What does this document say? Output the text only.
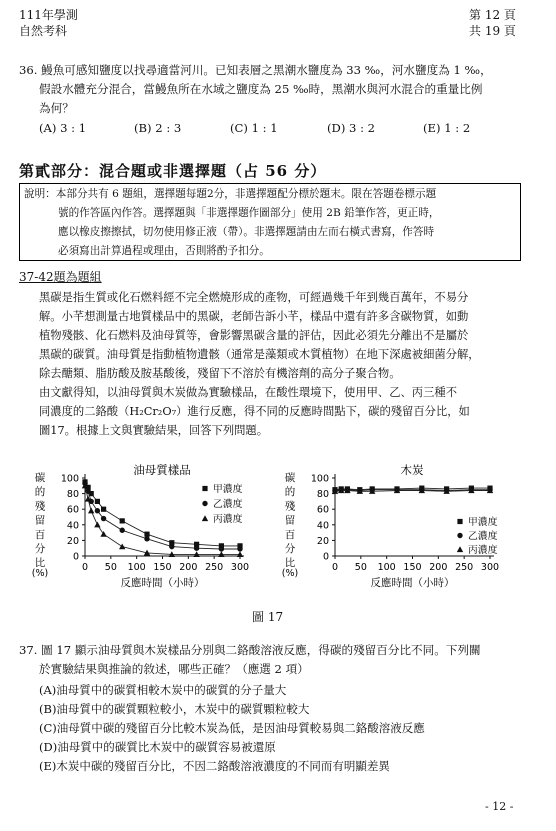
111年學測
自然考科
第 12 頁
共 19 頁
36. 鰻魚可感知鹽度以找尋適當河川。已知表層之黑潮水鹽度為 33 ‰，河水鹽度為 1 ‰，
假設水體充分混合，當鰻魚所在水域之鹽度為 25 ‰時，黑潮水與河水混合的重量比例
為何？
(A) 3 : 1	(B) 2 : 3	(C) 1 : 1	(D) 3 : 2	(E) 1 : 2
第貳部分：混合題或非選擇題（占 56 分）
說明：本部分共有 6 題組，選擇題每題2分，非選擇題配分標於題末。限在答題卷標示題
號的作答區內作答。選擇題與「非選擇題作圖部分」使用 2B 鉛筆作答，更正時，
應以橡皮擦擦拭，切勿使用修正液（帶）。非選擇題請由左而右橫式書寫，作答時
必須寫出計算過程或理由，否則將酌予扣分。
37-42題為題組
黑碳是指生質或化石燃料經不完全燃燒形成的產物，可經過幾千年到幾百萬年，不易分
解。小芊想測量古地質樣品中的黑碳，老師告訴小芊，樣品中還有許多含碳物質，如動
植物殘骸、化石燃料及油母質等，會影響黑碳含量的評估，因此必須先分離出不是屬於
黑碳的碳質。油母質是指動植物遺骸（通常是藻類或木質植物）在地下深處被細菌分解，
除去醣類、脂肪酸及胺基酸後，殘留下不溶於有機溶劑的高分子聚合物。
由文獻得知，以油母質與木炭做為實驗樣品，在酸性環境下，使用甲、乙、丙三種不
同濃度的二鉻酸（H₂Cr₂O₇）進行反應，得不同的反應時間點下，碳的殘留百分比，如
圖17。根據上文與實驗結果，回答下列問題。
油母質樣品
碳
的
殘
留
百
分
比
(%)
0
20
40
60
80
100
0 50 100 150 200 250 300
反應時間（小時）
甲濃度
乙濃度
丙濃度
木炭
碳
的
殘
留
百
分
比
(%)
0
20
40
60
80
100
0 50 100 150 200 250 300
反應時間（小時）
甲濃度
乙濃度
丙濃度
圖 17
37. 圖 17 顯示油母質與木炭樣品分別與二鉻酸溶液反應，得碳的殘留百分比不同。下列關
於實驗結果與推論的敘述，哪些正確？（應選 2 項）
(A)油母質中的碳質相較木炭中的碳質的分子量大
(B)油母質中的碳質顆粒較小，木炭中的碳質顆粒較大
(C)油母質中碳的殘留百分比較木炭為低，是因油母質較易與二鉻酸溶液反應
(D)油母質中的碳質比木炭中的碳質容易被還原
(E)木炭中碳的殘留百分比，不因二鉻酸溶液濃度的不同而有明顯差異
- 12 -
